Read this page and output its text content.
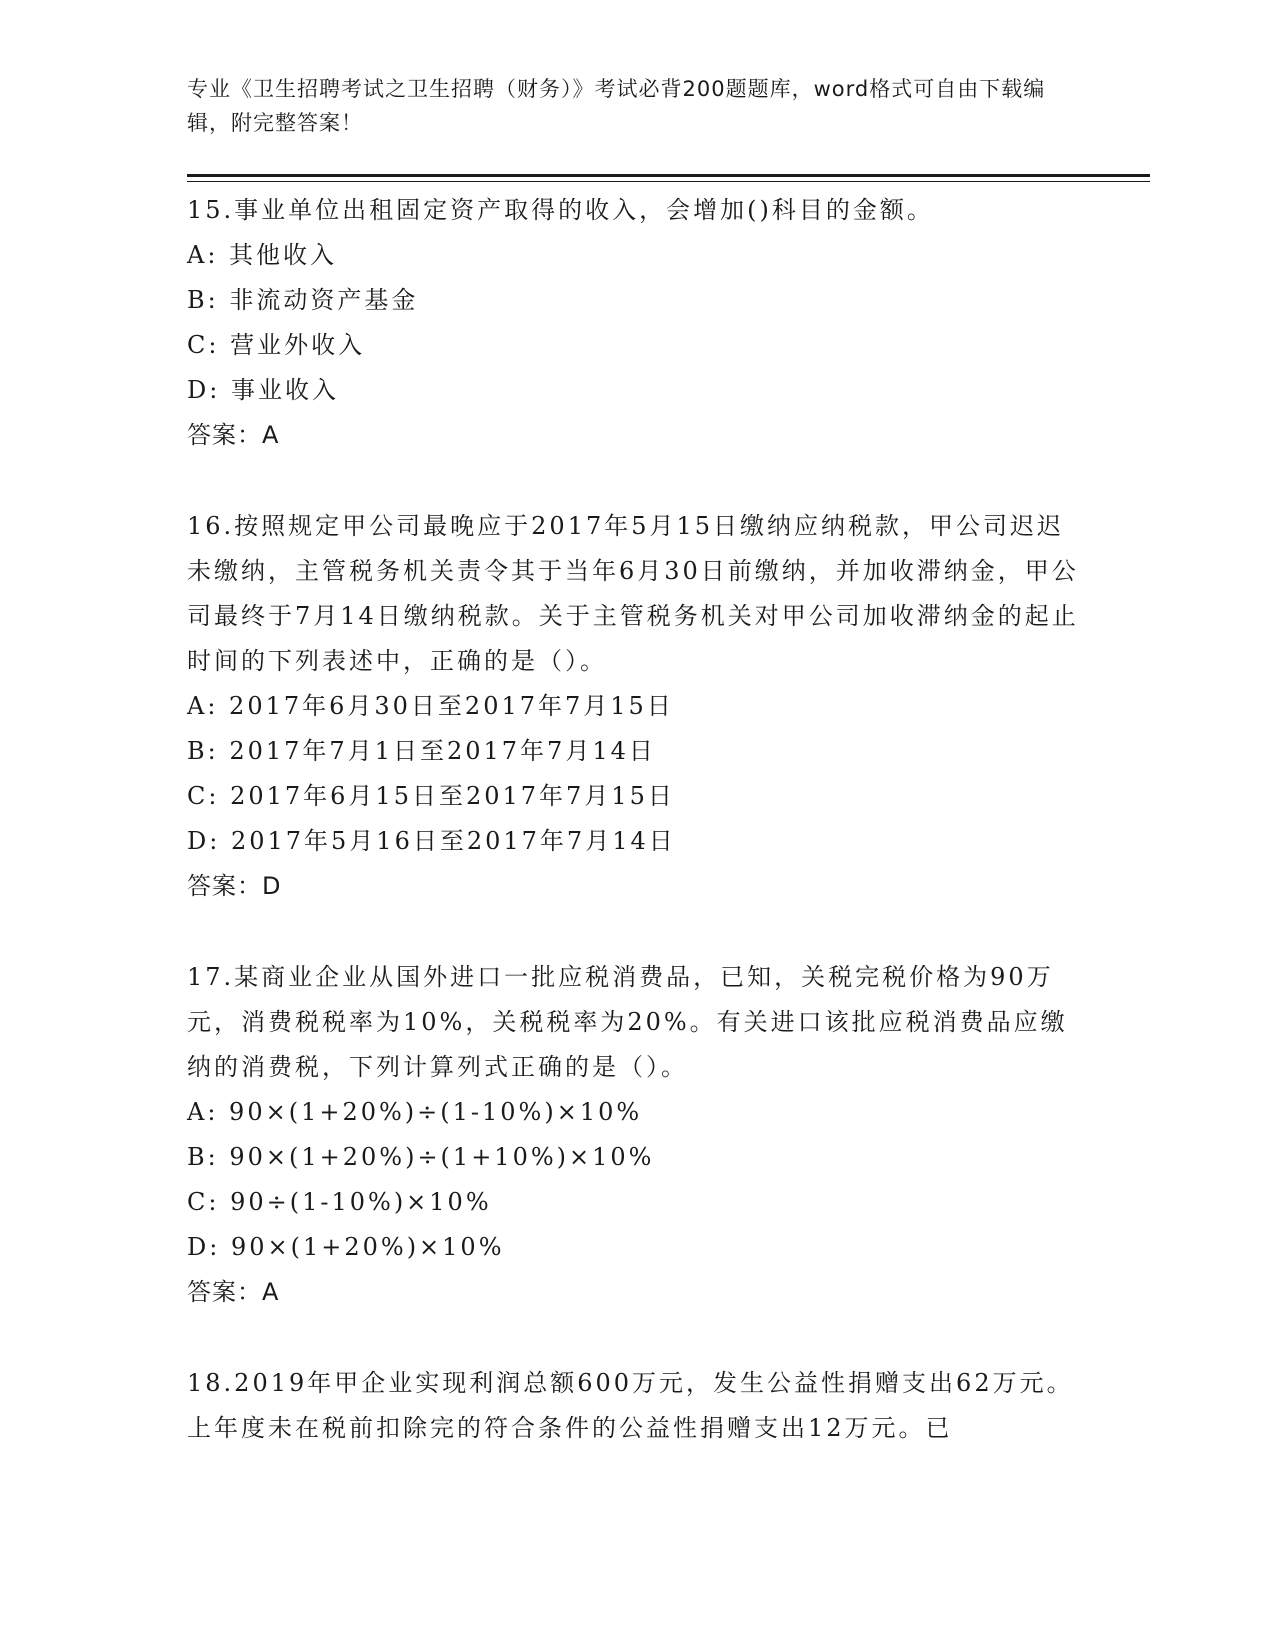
专业《卫生招聘考试之卫生招聘（财务）》考试必背200题题库，word格式可自由下载编辑，附完整答案！

15.事业单位出租固定资产取得的收入，会增加()科目的金额。

A: 其他收入

B: 非流动资产基金

C: 营业外收入

D: 事业收入

答案：A

16.按照规定甲公司最晚应于2017年5月15日缴纳应纳税款，甲公司迟迟未缴纳，主管税务机关责令其于当年6月30日前缴纳，并加收滞纳金，甲公司最终于7月14日缴纳税款。关于主管税务机关对甲公司加收滞纳金的起止时间的下列表述中，正确的是（）。

A: 2017年6月30日至2017年7月15日

B: 2017年7月1日至2017年7月14日

C: 2017年6月15日至2017年7月15日

D: 2017年5月16日至2017年7月14日

答案：D

17.某商业企业从国外进口一批应税消费品，已知，关税完税价格为90万元，消费税税率为10%，关税税率为20%。有关进口该批应税消费品应缴纳的消费税，下列计算列式正确的是（）。

A: 90×(1+20%)÷(1-10%)×10%

B: 90×(1+20%)÷(1+10%)×10%

C: 90÷(1-10%)×10%

D: 90×(1+20%)×10%

答案：A

18.2019年甲企业实现利润总额600万元，发生公益性捐赠支出62万元。上年度未在税前扣除完的符合条件的公益性捐赠支出12万元。已
